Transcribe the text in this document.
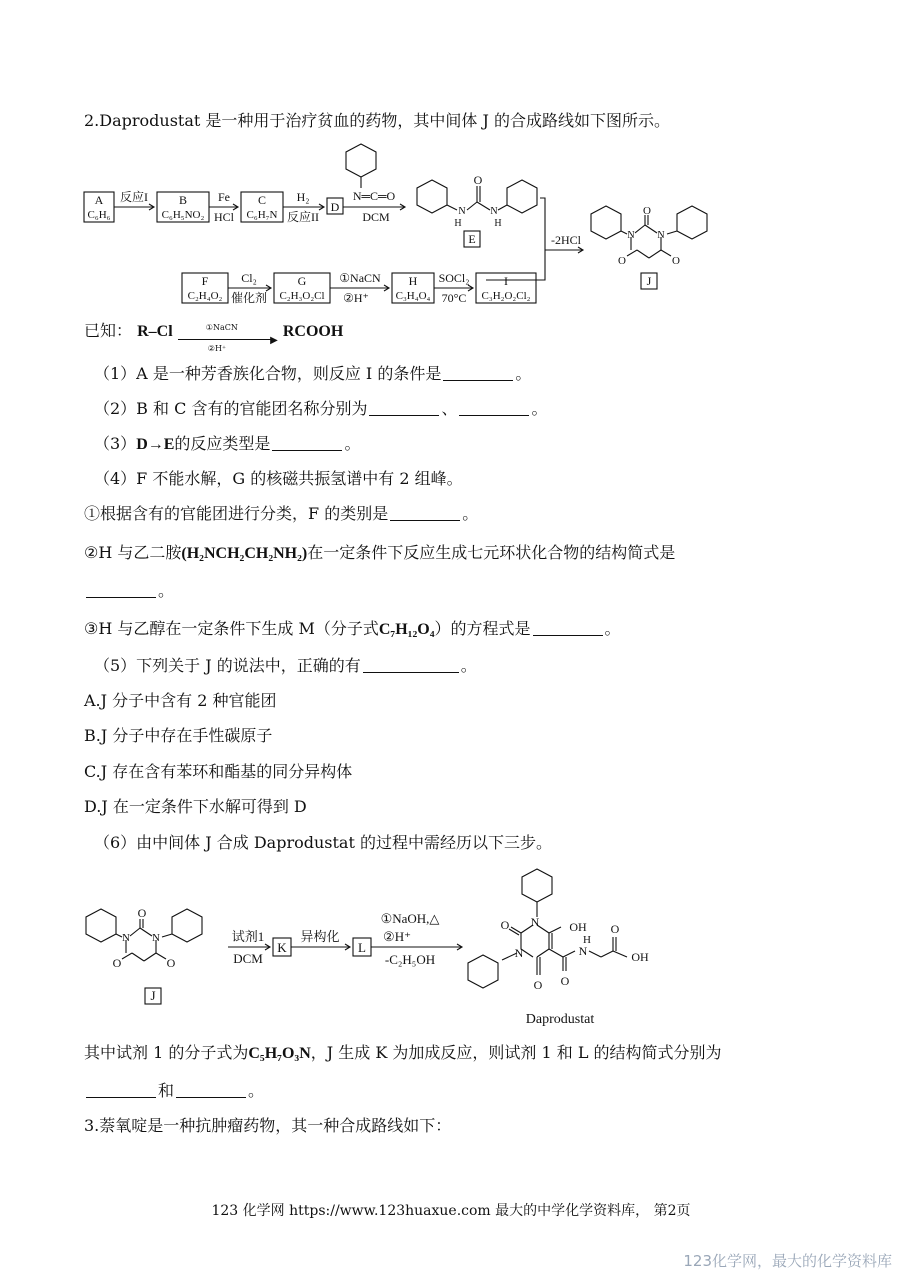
2.Daprodustat 是一种用于治疗贫血的药物，其中间体 J 的合成路线如下图所示。
A
C₆H₆
反应I	B
C₆H₅NO₂
Fe
HCl
C
C₆H₇N
H₂
反应II
D
N═C═O
DCM
O
N
H
N
H
E	-2HCl	N N
O
O	O
J
F
C₂H₄O₂
Cl₂
催化剂
G
C₂H₃O₂Cl
①NaCN
②H⁺
H
C₃H₄O₄
SOCl₂
70°C
I
C₃H₂O₂Cl₂
已知： R–Cl	①NaCN
②H⁺
▶
RCOOH
（1）A 是一种芳香族化合物，则反应 I 的条件是	。
（2）B 和 C 含有的官能团名称分别为	、	。
（3）D→E的反应类型是	。
（4）F 不能水解，G 的核磁共振氢谱中有 2 组峰。
①根据含有的官能团进行分类，F 的类别是	。
②H 与乙二胺(H₂NCH₂CH₂NH₂)在一定条件下反应生成七元环状化合物的结构简式是
。
③H 与乙醇在一定条件下生成 M（分子式C₇H₁₂O₄）的方程式是	。
（5）下列关于 J 的说法中，正确的有	。
A.J 分子中含有 2 种官能团
B.J 分子中存在手性碳原子
C.J 存在含有苯环和酯基的同分异构体
D.J 在一定条件下水解可得到 D
（6）由中间体 J 合成 Daprodustat 的过程中需经历以下三步。
N N
O
O	O
J
试剂1
DCM
K
异构化
L
①NaOH,△
②H⁺
-C₂H₅OH
N
N
OH
O
O O
N
H
O
OH
Daprodustat
其中试剂 1 的分子式为C₅H₇O₃N，J 生成 K 为加成反应，则试剂 1 和 L 的结构简式分别为
和	。
3.萘氧啶是一种抗肿瘤药物，其一种合成路线如下：
123 化学网 https://www.123huaxue.com 最大的中学化学资料库， 第2页
123化学网，最大的化学资料库
